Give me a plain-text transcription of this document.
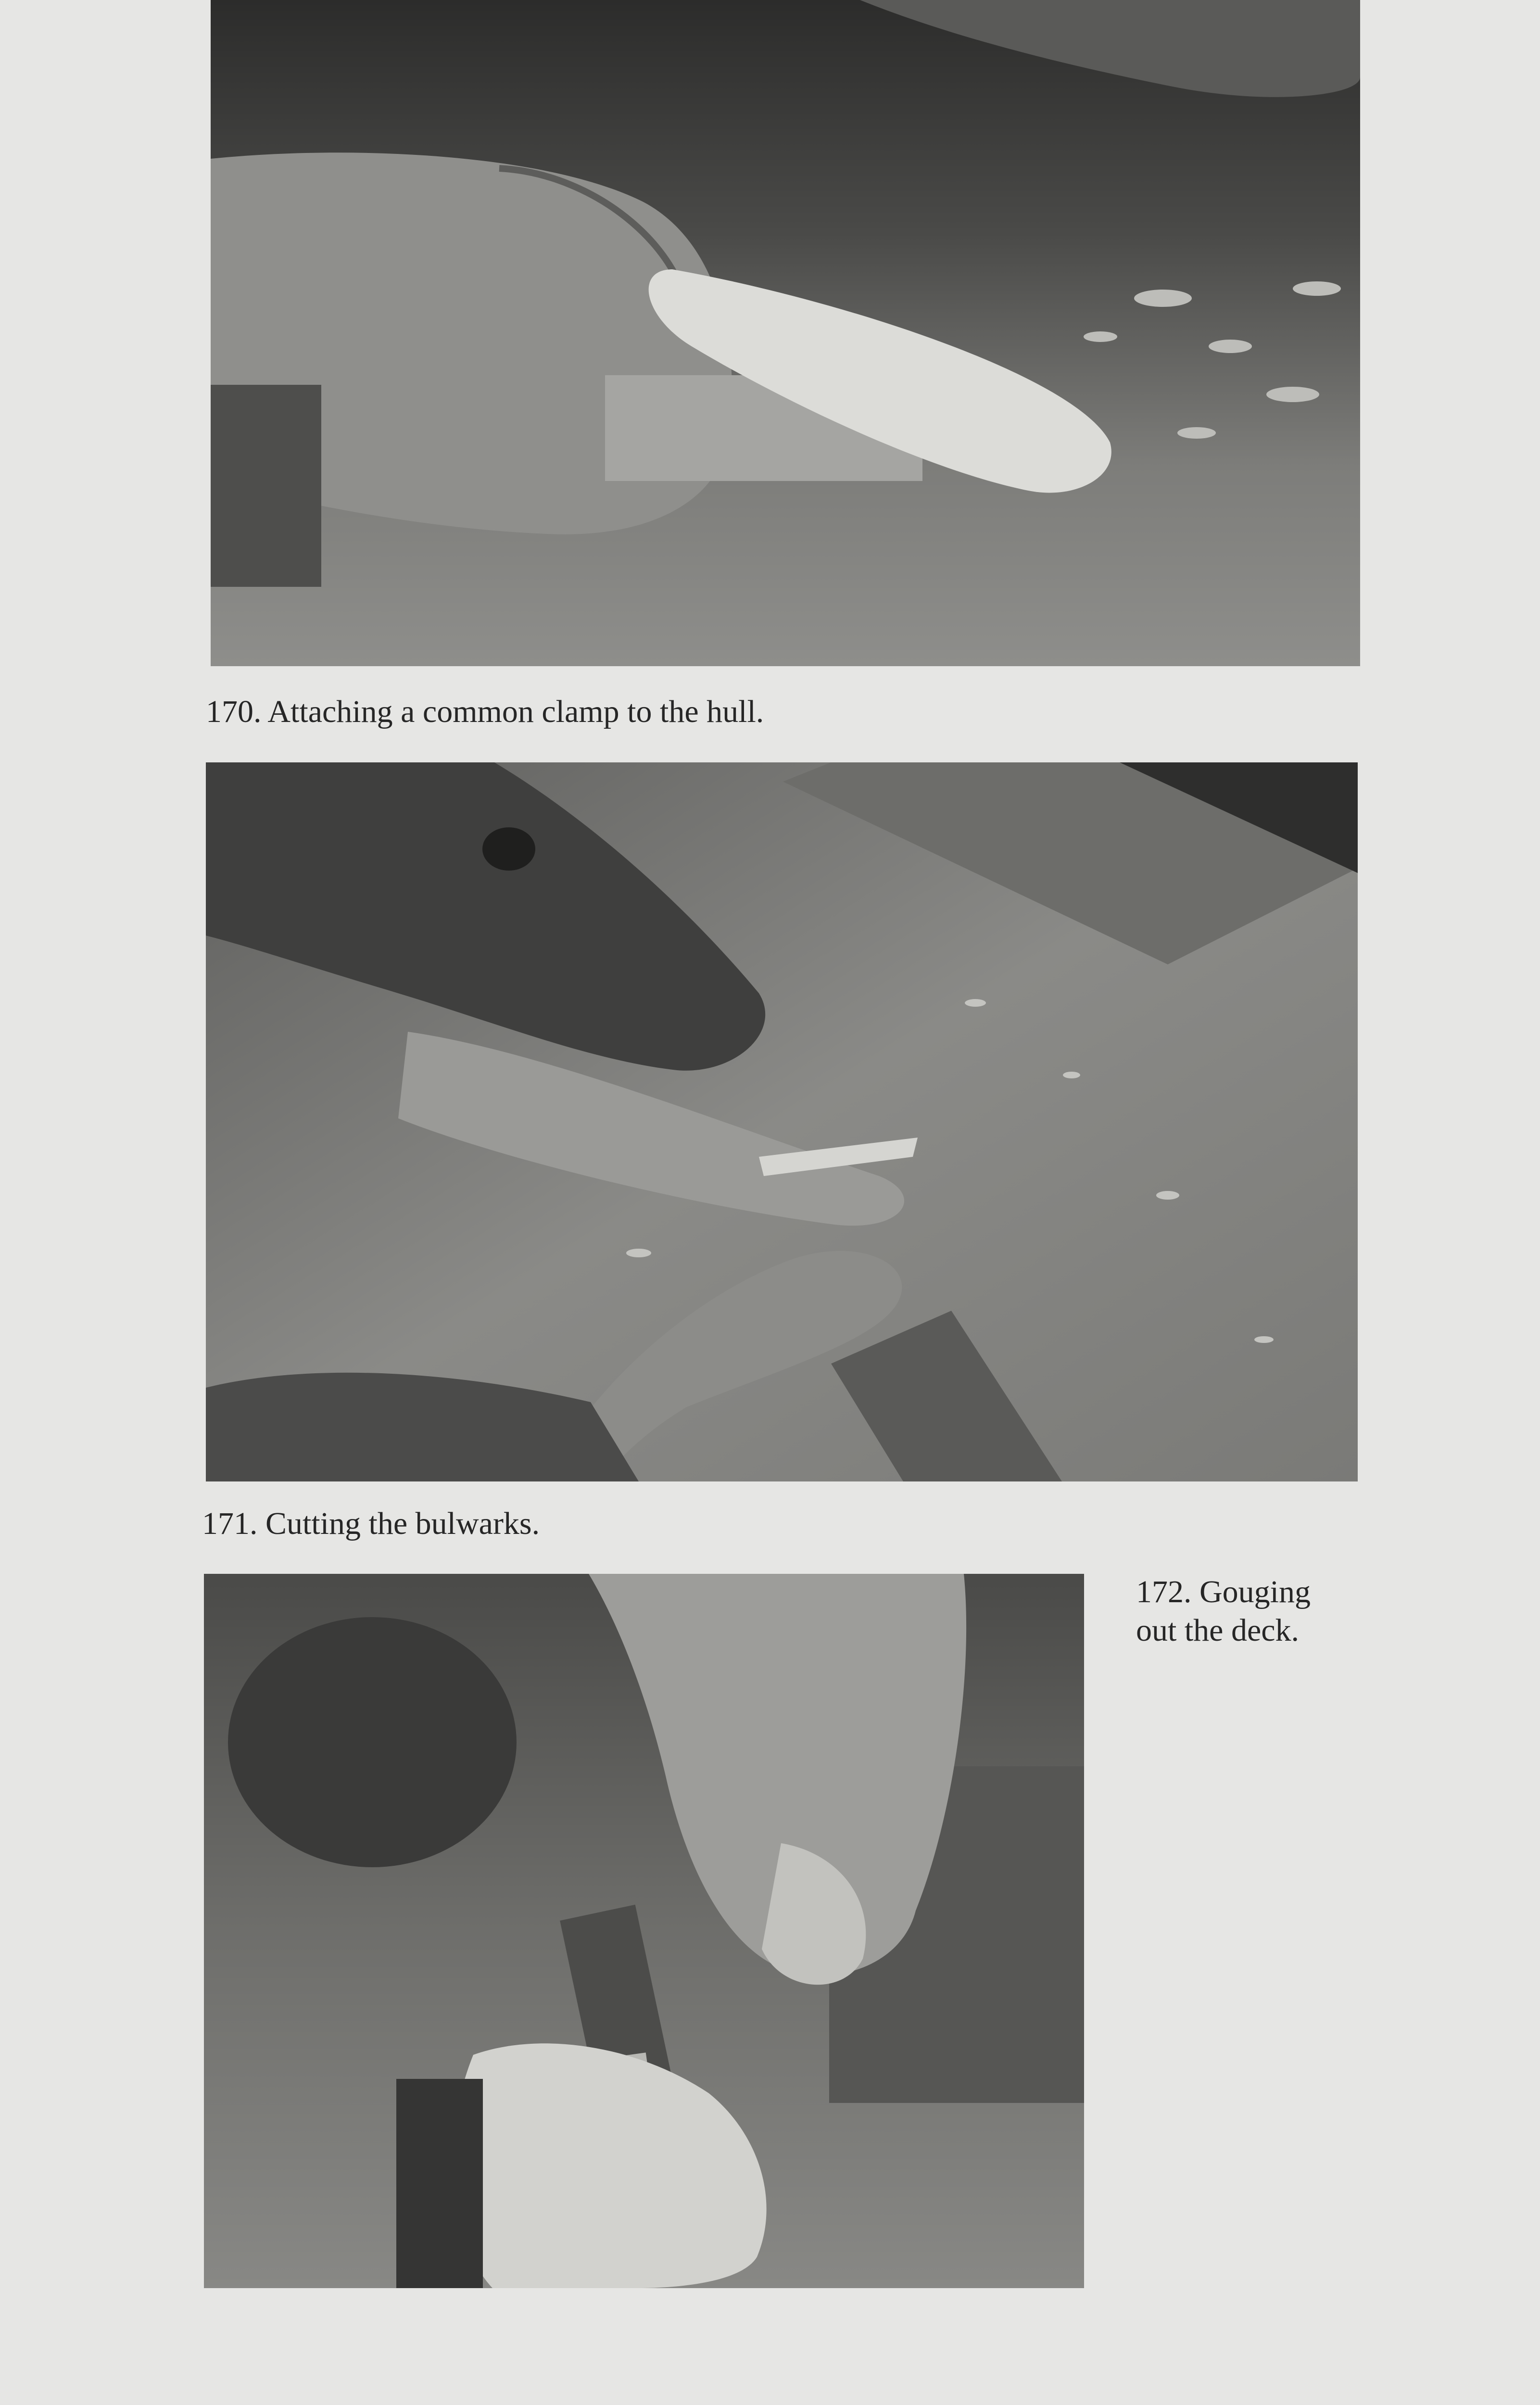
170. Attaching a common clamp to the hull.
171. Cutting the bulwarks.
172. Gouging
out the deck.
